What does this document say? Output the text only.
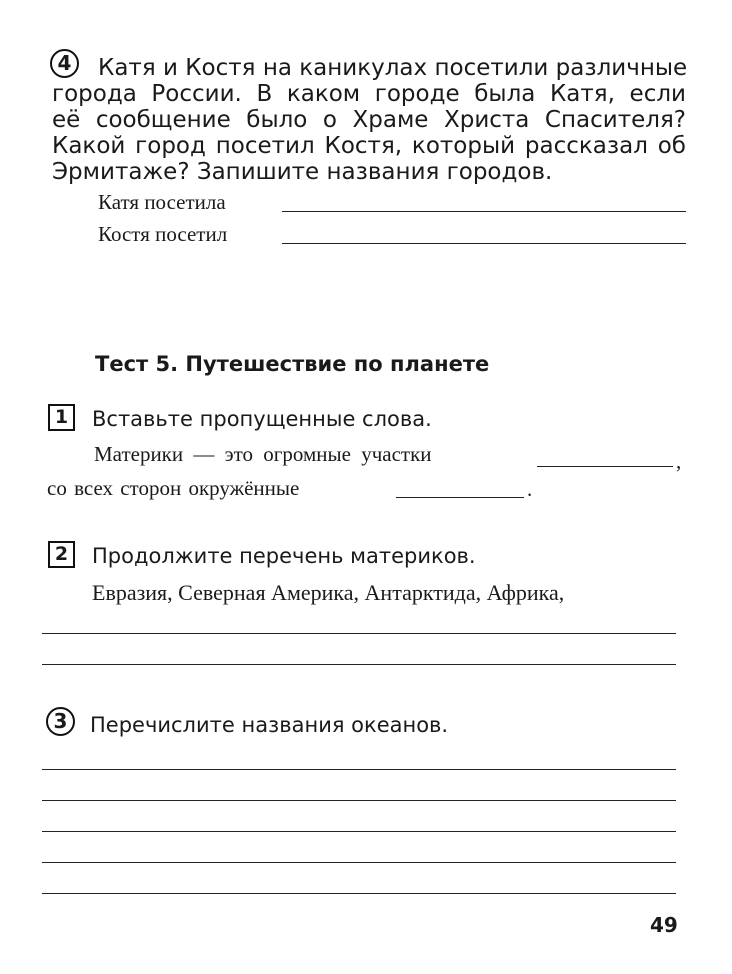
4	Катя и Костя на каникулах посетили различные
города России. В каком городе была Катя, если
её сообщение было о Храме Христа Спасителя?
Какой город посетил Костя, который рассказал об
Эрмитаже? Запишите названия городов.
Катя посетила
Костя посетил
Тест 5. Путешествие по планете
1	Вставьте пропущенные слова.
Материки — это огромные участки	,
со всех сторон окружённые	.
2	Продолжите перечень материков.
Евразия, Северная Америка, Антарктида, Африка,
3	Перечислите названия океанов.
49
